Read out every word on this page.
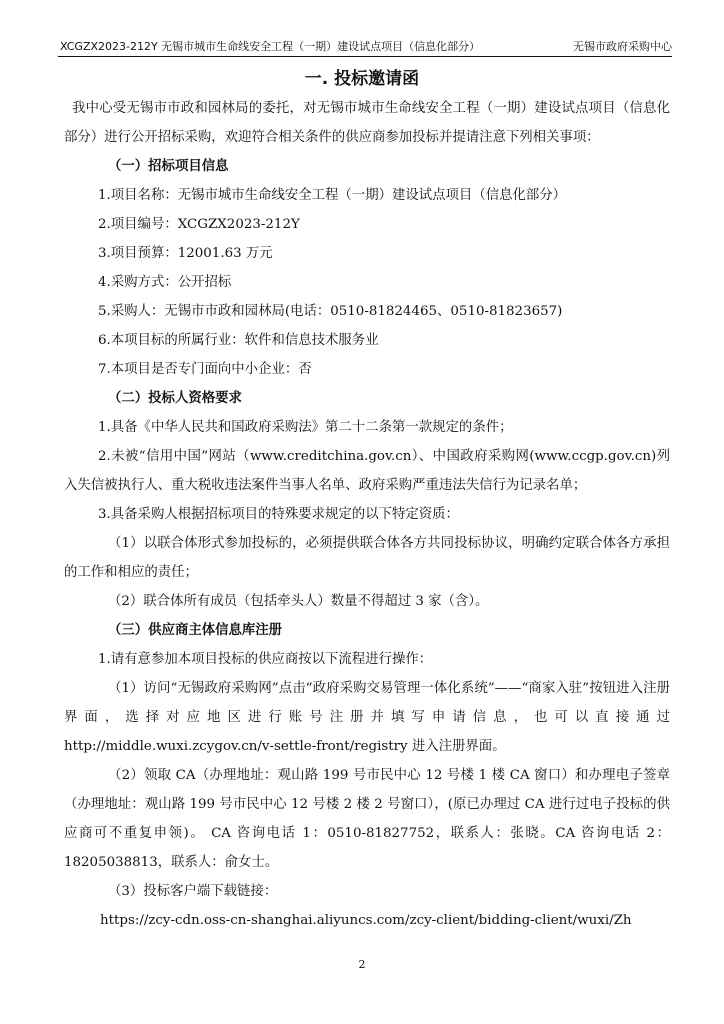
XCGZX2023-212Y 无锡市城市生命线安全工程（一期）建设试点项目（信息化部分）	无锡市政府采购中心
一. 投标邀请函

我中心受无锡市市政和园林局的委托，对无锡市城市生命线安全工程（一期）建设试点项目（信息化部分）进行公开招标采购，欢迎符合相关条件的供应商参加投标并提请注意下列相关事项：

（一）招标项目信息

1.项目名称：无锡市城市生命线安全工程（一期）建设试点项目（信息化部分）

2.项目编号：XCGZX2023-212Y

3.项目预算：12001.63 万元

4.采购方式：公开招标

5.采购人：无锡市市政和园林局(电话：0510-81824465、0510-81823657)

6.本项目标的所属行业：软件和信息技术服务业

7.本项目是否专门面向中小企业：否

（二）投标人资格要求

1.具备《中华人民共和国政府采购法》第二十二条第一款规定的条件；

2.未被“信用中国”网站（www.creditchina.gov.cn）、中国政府采购网(www.ccgp.gov.cn)列入失信被执行人、重大税收违法案件当事人名单、政府采购严重违法失信行为记录名单；

3.具备采购人根据招标项目的特殊要求规定的以下特定资质：

（1）以联合体形式参加投标的，必须提供联合体各方共同投标协议，明确约定联合体各方承担的工作和相应的责任；

（2）联合体所有成员（包括牵头人）数量不得超过 3 家（含）。

（三）供应商主体信息库注册

1.请有意参加本项目投标的供应商按以下流程进行操作：

（1）访问“无锡政府采购网”点击“政府采购交易管理一体化系统”——“商家入驻”按钮进入注册界面，选择对应地区进行账号注册并填写申请信息，也可以直接通过 http://middle.wuxi.zcygov.cn/v-settle-front/registry 进入注册界面。

（2）领取 CA（办理地址：观山路 199 号市民中心 12 号楼 1 楼 CA 窗口）和办理电子签章（办理地址：观山路 199 号市民中心 12 号楼 2 楼 2 号窗口），(原已办理过 CA 进行过电子投标的供应商可不重复申领)。 CA 咨询电话 1：0510-81827752，联系人：张晓。CA 咨询电话 2：18205038813，联系人：俞女士。

（3）投标客户端下载链接：

https://zcy-cdn.oss-cn-shanghai.aliyuncs.com/zcy-client/bidding-client/wuxi/Zh

2
